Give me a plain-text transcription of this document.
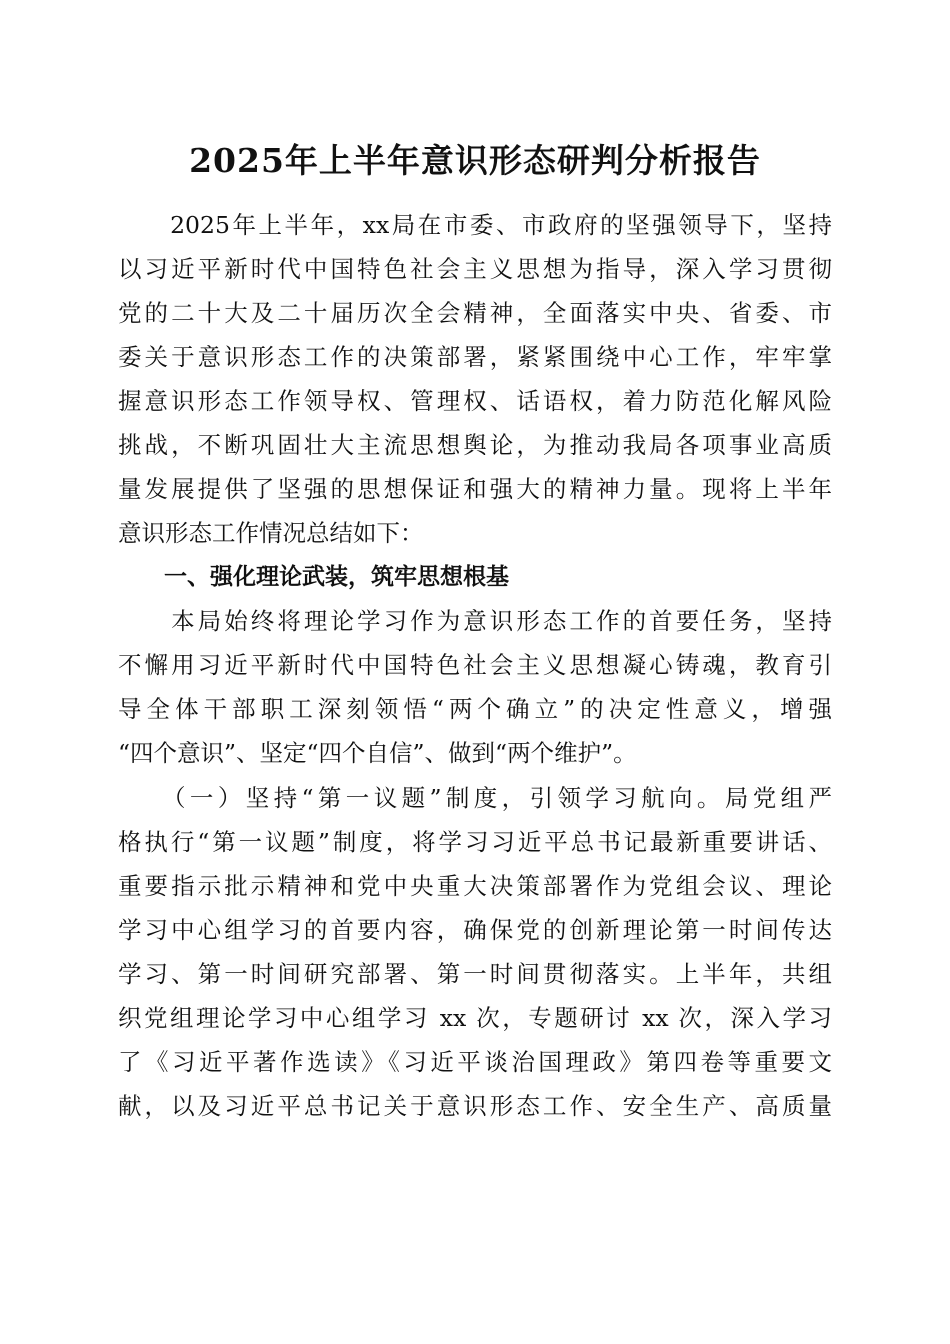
2025年上半年意识形态研判分析报告
　　2025年上半年，xx局在市委、市政府的坚强领导下，坚持
以习近平新时代中国特色社会主义思想为指导，深入学习贯彻
党的二十大及二十届历次全会精神，全面落实中央、省委、市
委关于意识形态工作的决策部署，紧紧围绕中心工作，牢牢掌
握意识形态工作领导权、管理权、话语权，着力防范化解风险
挑战，不断巩固壮大主流思想舆论，为推动我局各项事业高质
量发展提供了坚强的思想保证和强大的精神力量。现将上半年
意识形态工作情况总结如下：
　　一、强化理论武装，筑牢思想根基
　　本局始终将理论学习作为意识形态工作的首要任务，坚持
不懈用习近平新时代中国特色社会主义思想凝心铸魂，教育引
导全体干部职工深刻领悟“两个确立”的决定性意义，增强
“四个意识”、坚定“四个自信”、做到“两个维护”。
　　（一）坚持“第一议题”制度，引领学习航向。局党组严
格执行“第一议题”制度，将学习习近平总书记最新重要讲话、
重要指示批示精神和党中央重大决策部署作为党组会议、理论
学习中心组学习的首要内容，确保党的创新理论第一时间传达
学习、第一时间研究部署、第一时间贯彻落实。上半年，共组
织党组理论学习中心组学习 xx 次，专题研讨 xx 次，深入学习
了《习近平著作选读》《习近平谈治国理政》第四卷等重要文
献，以及习近平总书记关于意识形态工作、安全生产、高质量
